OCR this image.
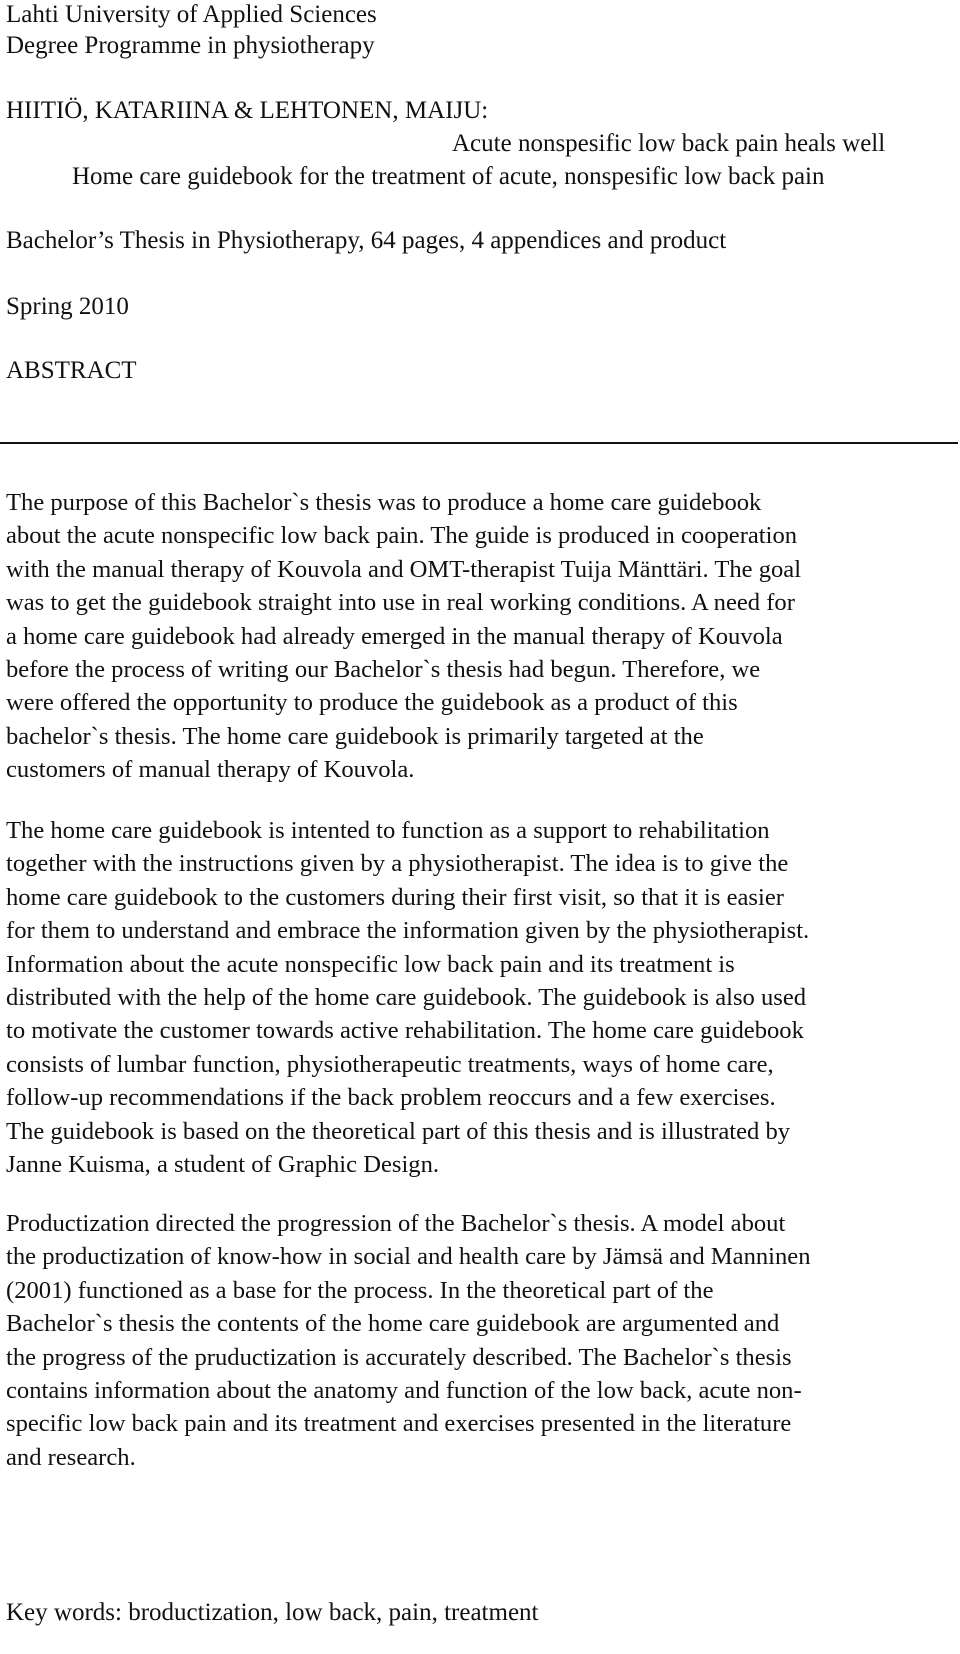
Lahti University of Applied Sciences
Degree Programme in physiotherapy
HIITIÖ, KATARIINA & LEHTONEN, MAIJU:
Acute nonspesific low back pain heals well
Home care guidebook for the treatment of acute, nonspesific low back pain
Bachelor’s Thesis in Physiotherapy, 64 pages, 4 appendices and product
Spring 2010
ABSTRACT
The purpose of this Bachelor`s thesis was to produce a home care guidebook
about the acute nonspecific low back pain. The guide is produced in cooperation
with the manual therapy of Kouvola and OMT-therapist Tuija Mänttäri. The goal
was to get the guidebook straight into use in real working conditions. A need for
a home care guidebook had already emerged in the manual therapy of Kouvola
before the process of writing our Bachelor`s thesis had begun. Therefore, we
were offered the opportunity to produce the guidebook as a product of this
bachelor`s thesis. The home care guidebook is primarily targeted at the
customers of manual therapy of Kouvola.
The home care guidebook is intented to function as a support to rehabilitation
together with the instructions given by a physiotherapist. The idea is to give the
home care guidebook to the customers during their first visit, so that it is easier
for them to understand and embrace the information given by the physiotherapist.
Information about the acute nonspecific low back pain and its treatment is
distributed with the help of the home care guidebook. The guidebook is also used
to motivate the customer towards active rehabilitation. The home care guidebook
consists of lumbar function, physiotherapeutic treatments, ways of home care,
follow-up recommendations if the back problem reoccurs and a few exercises.
The guidebook is based on the theoretical part of this thesis and is illustrated by
Janne Kuisma, a student of Graphic Design.
Productization directed the progression of the Bachelor`s thesis. A model about
the productization of know-how in social and health care by Jämsä and Manninen
(2001) functioned as a base for the process. In the theoretical part of the
Bachelor`s thesis the contents of the home care guidebook are argumented and
the progress of the pruductization is accurately described. The Bachelor`s thesis
contains information about the anatomy and function of the low back, acute non-
specific low back pain and its treatment and exercises presented in the literature
and research.
Key words: broductization, low back, pain, treatment
